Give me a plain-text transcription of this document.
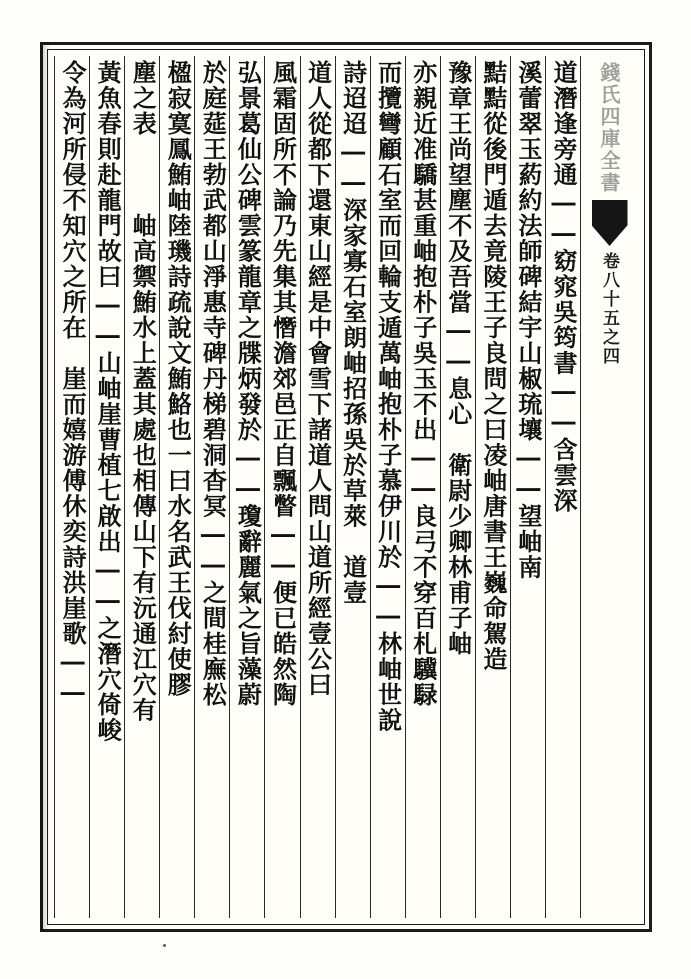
錢氏四庫全書
卷八十五之四
道潛逢旁通――窈窕吳筠書――含雲深
溪蕾翠玉葯約法師碑結宇山椒琉壤――望岫南
黠黠從後門遁去竟陵王子良問之曰凌岫唐書王巍命駕造
豫章王尚望塵不及吾當――息心　衛尉少卿林甫子岫
亦親近准驕甚重岫抱朴子吳玉不出――良弓不穿百札驥騄
而攬彎顧石室而回輪支遁萬岫抱朴子慕伊川於――林岫世說
詩迢迢――深家寡石室朗岫招孫吳於草萊　道壹
道人從都下還東山經是中會雪下諸道人問山道所經壹公曰
風霜固所不論乃先集其憯澹郊邑正自飄瞥――便已皓然陶
弘景葛仙公碑雲篆龍章之牒炳發於――瓊辭麗氣之旨藻蔚
於庭莚王勃武都山淨惠寺碑丹梯碧洞杳冥――之間桂廡松
楹寂寞鳳鮪岫陸璣詩疏說文鮪鮥也一曰水名武王伐紂使膠
塵之表　　　岫高禦鮪水上蓋其處也相傳山下有沅通江穴有
黃魚春則赴龍門故曰――山岫崖曹植七啟出――之潛穴倚峻
令為河所侵不知穴之所在　崖而嬉游傅休奕詩洪崖歌――
